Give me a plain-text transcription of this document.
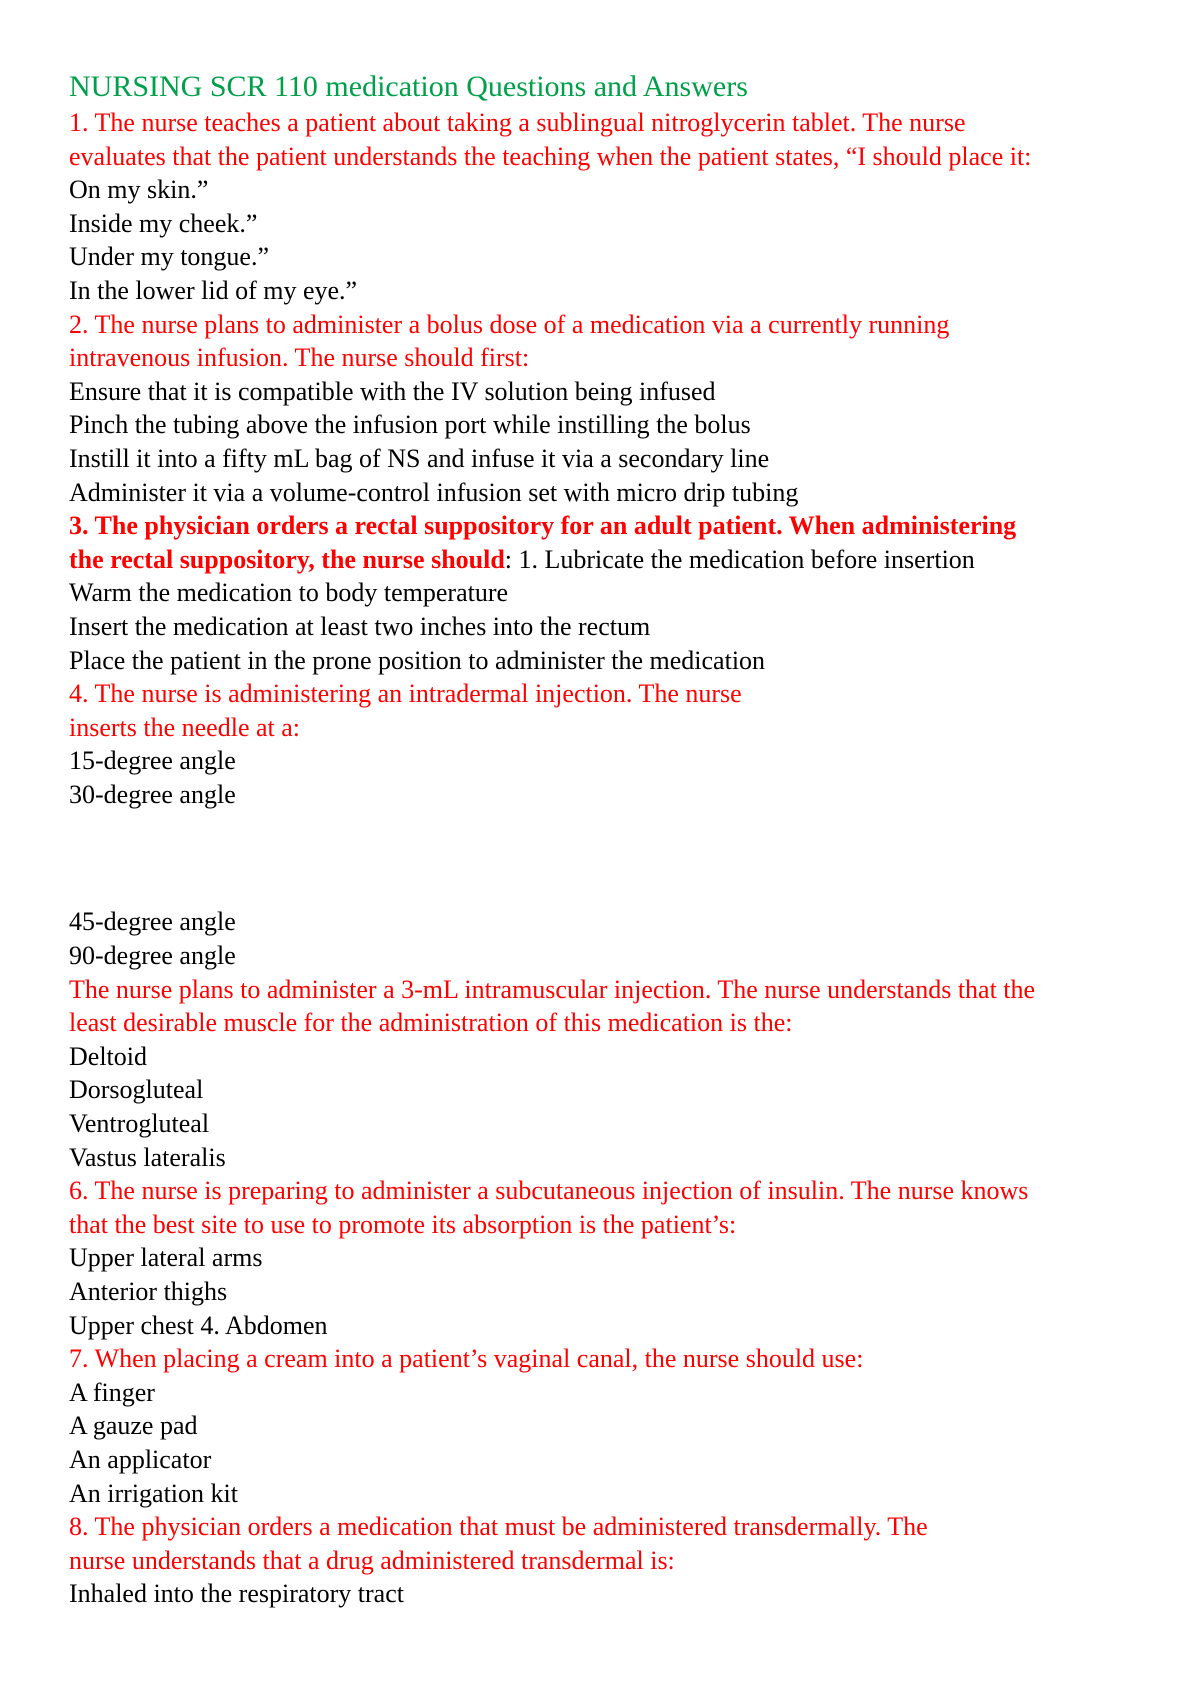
NURSING SCR 110 medication Questions and Answers
1. The nurse teaches a patient about taking a sublingual nitroglycerin tablet. The nurse
evaluates that the patient understands the teaching when the patient states, “I should place it:
On my skin.”
Inside my cheek.”
Under my tongue.”
In the lower lid of my eye.”
2. The nurse plans to administer a bolus dose of a medication via a currently running
intravenous infusion. The nurse should first:
Ensure that it is compatible with the IV solution being infused
Pinch the tubing above the infusion port while instilling the bolus
Instill it into a fifty mL bag of NS and infuse it via a secondary line
Administer it via a volume-control infusion set with micro drip tubing
3. The physician orders a rectal suppository for an adult patient. When administering
the rectal suppository, the nurse should: 1. Lubricate the medication before insertion
Warm the medication to body temperature
Insert the medication at least two inches into the rectum
Place the patient in the prone position to administer the medication
4. The nurse is administering an intradermal injection. The nurse
inserts the needle at a:
15-degree angle
30-degree angle
45-degree angle
90-degree angle
The nurse plans to administer a 3-mL intramuscular injection. The nurse understands that the
least desirable muscle for the administration of this medication is the:
Deltoid
Dorsogluteal
Ventrogluteal
Vastus lateralis
6. The nurse is preparing to administer a subcutaneous injection of insulin. The nurse knows
that the best site to use to promote its absorption is the patient’s:
Upper lateral arms
Anterior thighs
Upper chest 4. Abdomen
7. When placing a cream into a patient’s vaginal canal, the nurse should use:
A finger
A gauze pad
An applicator
An irrigation kit
8. The physician orders a medication that must be administered transdermally. The
nurse understands that a drug administered transdermal is:
Inhaled into the respiratory tract
